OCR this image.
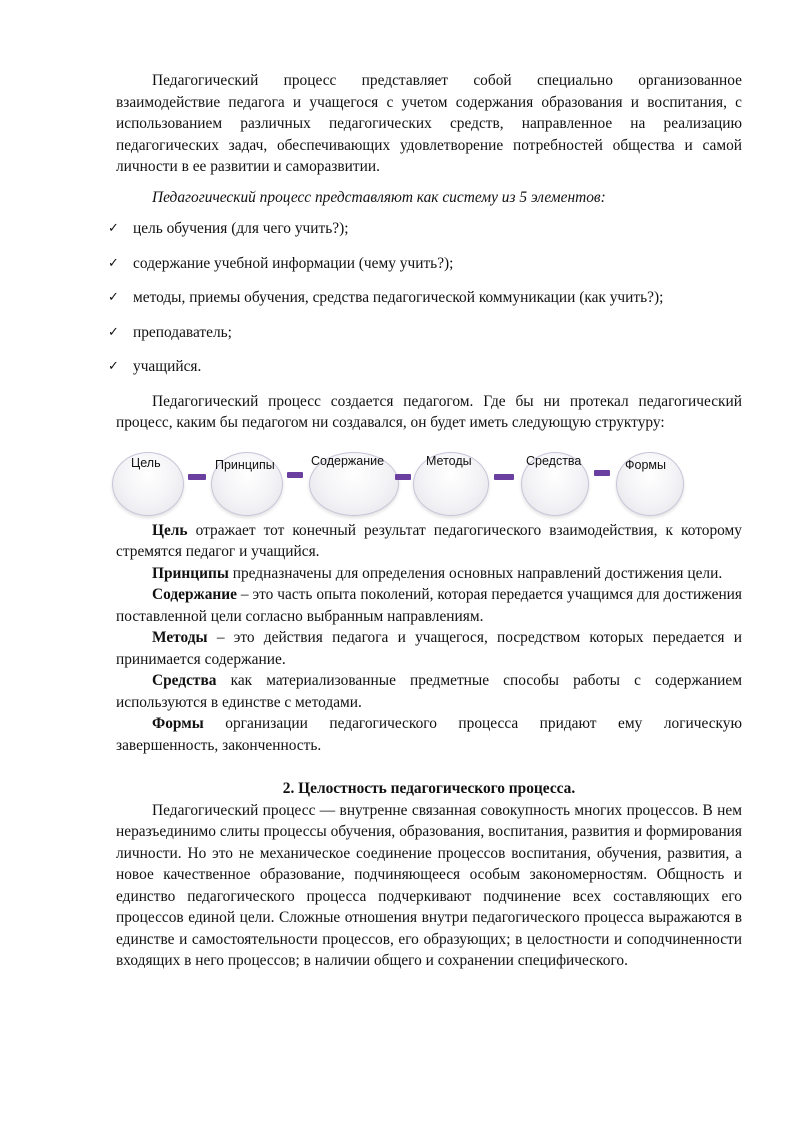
Педагогический процесс представляет собой специально организованное взаимодействие педагога и учащегося с учетом содержания образования и воспитания, с использованием различных педагогических средств, направленное на реализацию педагогических задач, обеспечивающих удовлетворение потребностей общества и самой личности в ее развитии и саморазвитии.

Педагогический процесс представляют как систему из 5 элементов:

✓ цель обучения (для чего учить?);
✓ содержание учебной информации (чему учить?);
✓ методы, приемы обучения, средства педагогической коммуникации (как учить?);
✓ преподаватель;
✓ учащийся.

Педагогический процесс создается педагогом. Где бы ни протекал педагогический процесс, каким бы педагогом ни создавался, он будет иметь следующую структуру:

Цель	Принципы	Содержание	Методы	Средства	Формы

Цель отражает тот конечный результат педагогического взаимодействия, к которому стремятся педагог и учащийся.

Принципы предназначены для определения основных направлений достижения цели.

Содержание – это часть опыта поколений, которая передается учащимся для достижения поставленной цели согласно выбранным направлениям.

Методы – это действия педагога и учащегося, посредством которых передается и принимается содержание.

Средства как материализованные предметные способы работы с содержанием используются в единстве с методами.

Формы организации педагогического процесса придают ему логическую завершенность, законченность.

2. Целостность педагогического процесса.

Педагогический процесс — внутренне связанная совокупность многих процессов. В нем неразъединимо слиты процессы обучения, образования, воспитания, развития и формирования личности. Но это не механическое соединение процессов воспитания, обучения, развития, а новое качественное образование, подчиняющееся особым закономерностям. Общность и единство педагогического процесса подчеркивают подчинение всех составляющих его процессов единой цели. Сложные отношения внутри педагогического процесса выражаются в единстве и самостоятельности процессов, его образующих; в целостности и соподчиненности входящих в него процессов; в наличии общего и сохранении специфического.
